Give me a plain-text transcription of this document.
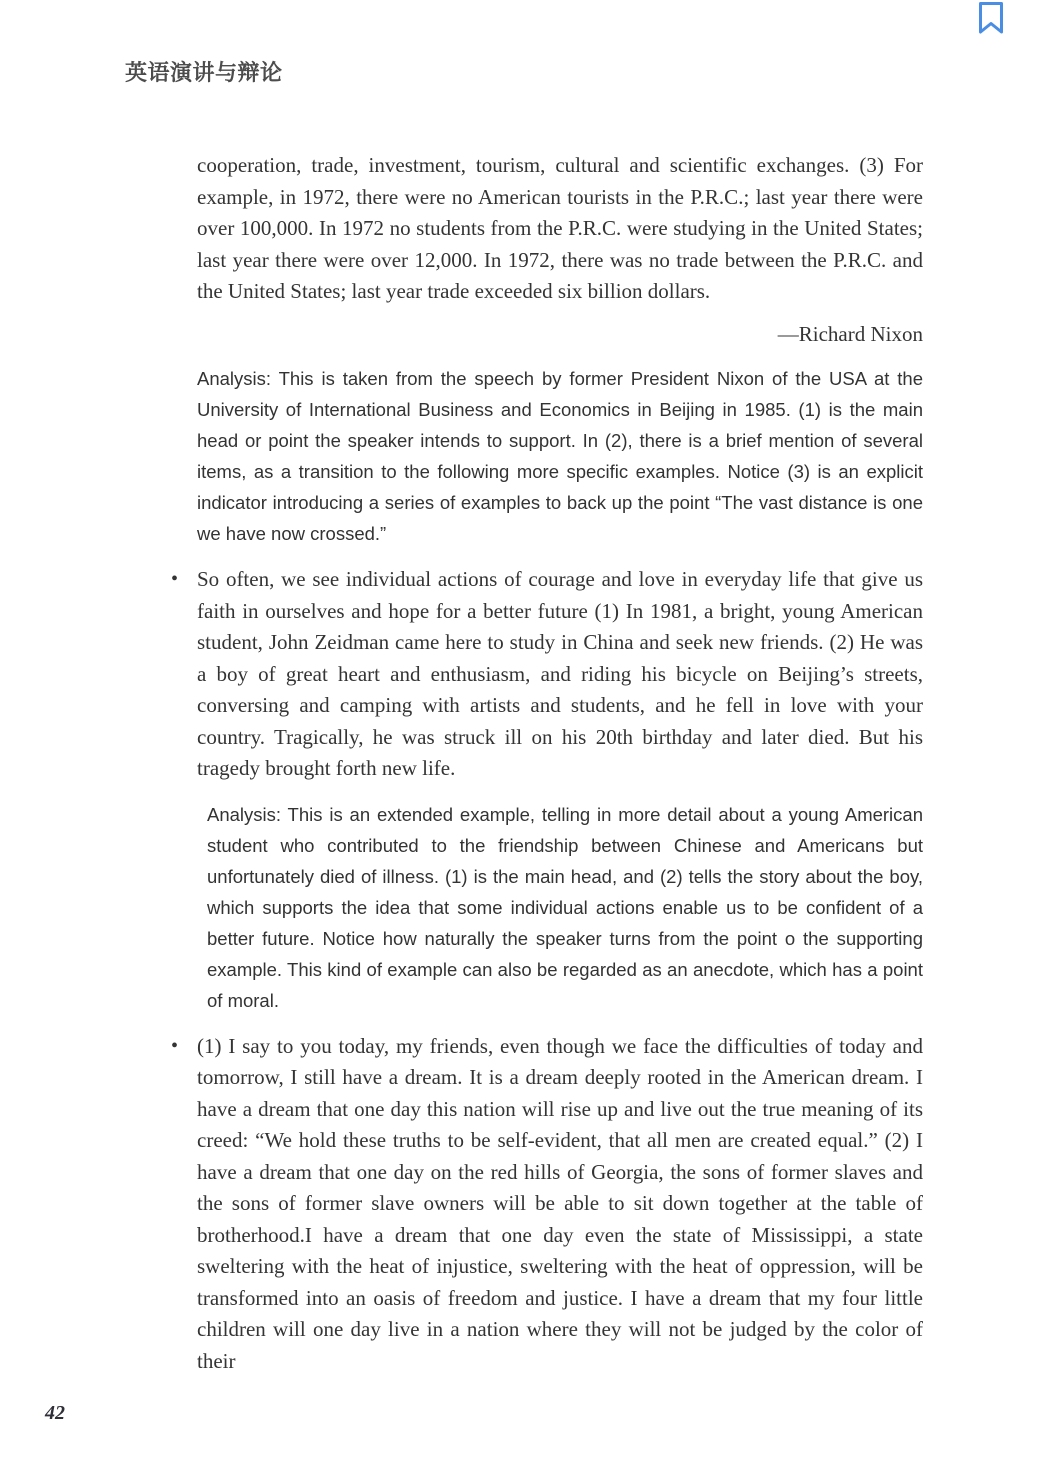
英语演讲与辩论

cooperation, trade, investment, tourism, cultural and scientific exchanges. (3) For example, in 1972, there were no American tourists in the P.R.C.; last year there were over 100,000. In 1972 no students from the P.R.C. were studying in the United States; last year there were over 12,000. In 1972, there was no trade between the P.R.C. and the United States; last year trade exceeded six billion dollars.

—Richard Nixon

Analysis: This is taken from the speech by former President Nixon of the USA at the University of International Business and Economics in Beijing in 1985. (1) is the main head or point the speaker intends to support. In (2), there is a brief mention of several items, as a transition to the following more specific examples. Notice (3) is an explicit indicator introducing a series of examples to back up the point “The vast distance is one we have now crossed.”

• So often, we see individual actions of courage and love in everyday life that give us faith in ourselves and hope for a better future (1) In 1981, a bright, young American student, John Zeidman came here to study in China and seek new friends. (2) He was a boy of great heart and enthusiasm, and riding his bicycle on Beijing’s streets, conversing and camping with artists and students, and he fell in love with your country. Tragically, he was struck ill on his 20th birthday and later died. But his tragedy brought forth new life.

Analysis: This is an extended example, telling in more detail about a young American student who contributed to the friendship between Chinese and Americans but unfortunately died of illness. (1) is the main head, and (2) tells the story about the boy, which supports the idea that some individual actions enable us to be confident of a better future. Notice how naturally the speaker turns from the point o the supporting example. This kind of example can also be regarded as an anecdote, which has a point of moral.

• (1) I say to you today, my friends, even though we face the difficulties of today and tomorrow, I still have a dream. It is a dream deeply rooted in the American dream. I have a dream that one day this nation will rise up and live out the true meaning of its creed: “We hold these truths to be self-evident, that all men are created equal.” (2) I have a dream that one day on the red hills of Georgia, the sons of former slaves and the sons of former slave owners will be able to sit down together at the table of brotherhood.I have a dream that one day even the state of Mississippi, a state sweltering with the heat of injustice, sweltering with the heat of oppression, will be transformed into an oasis of freedom and justice. I have a dream that my four little children will one day live in a nation where they will not be judged by the color of their

42
